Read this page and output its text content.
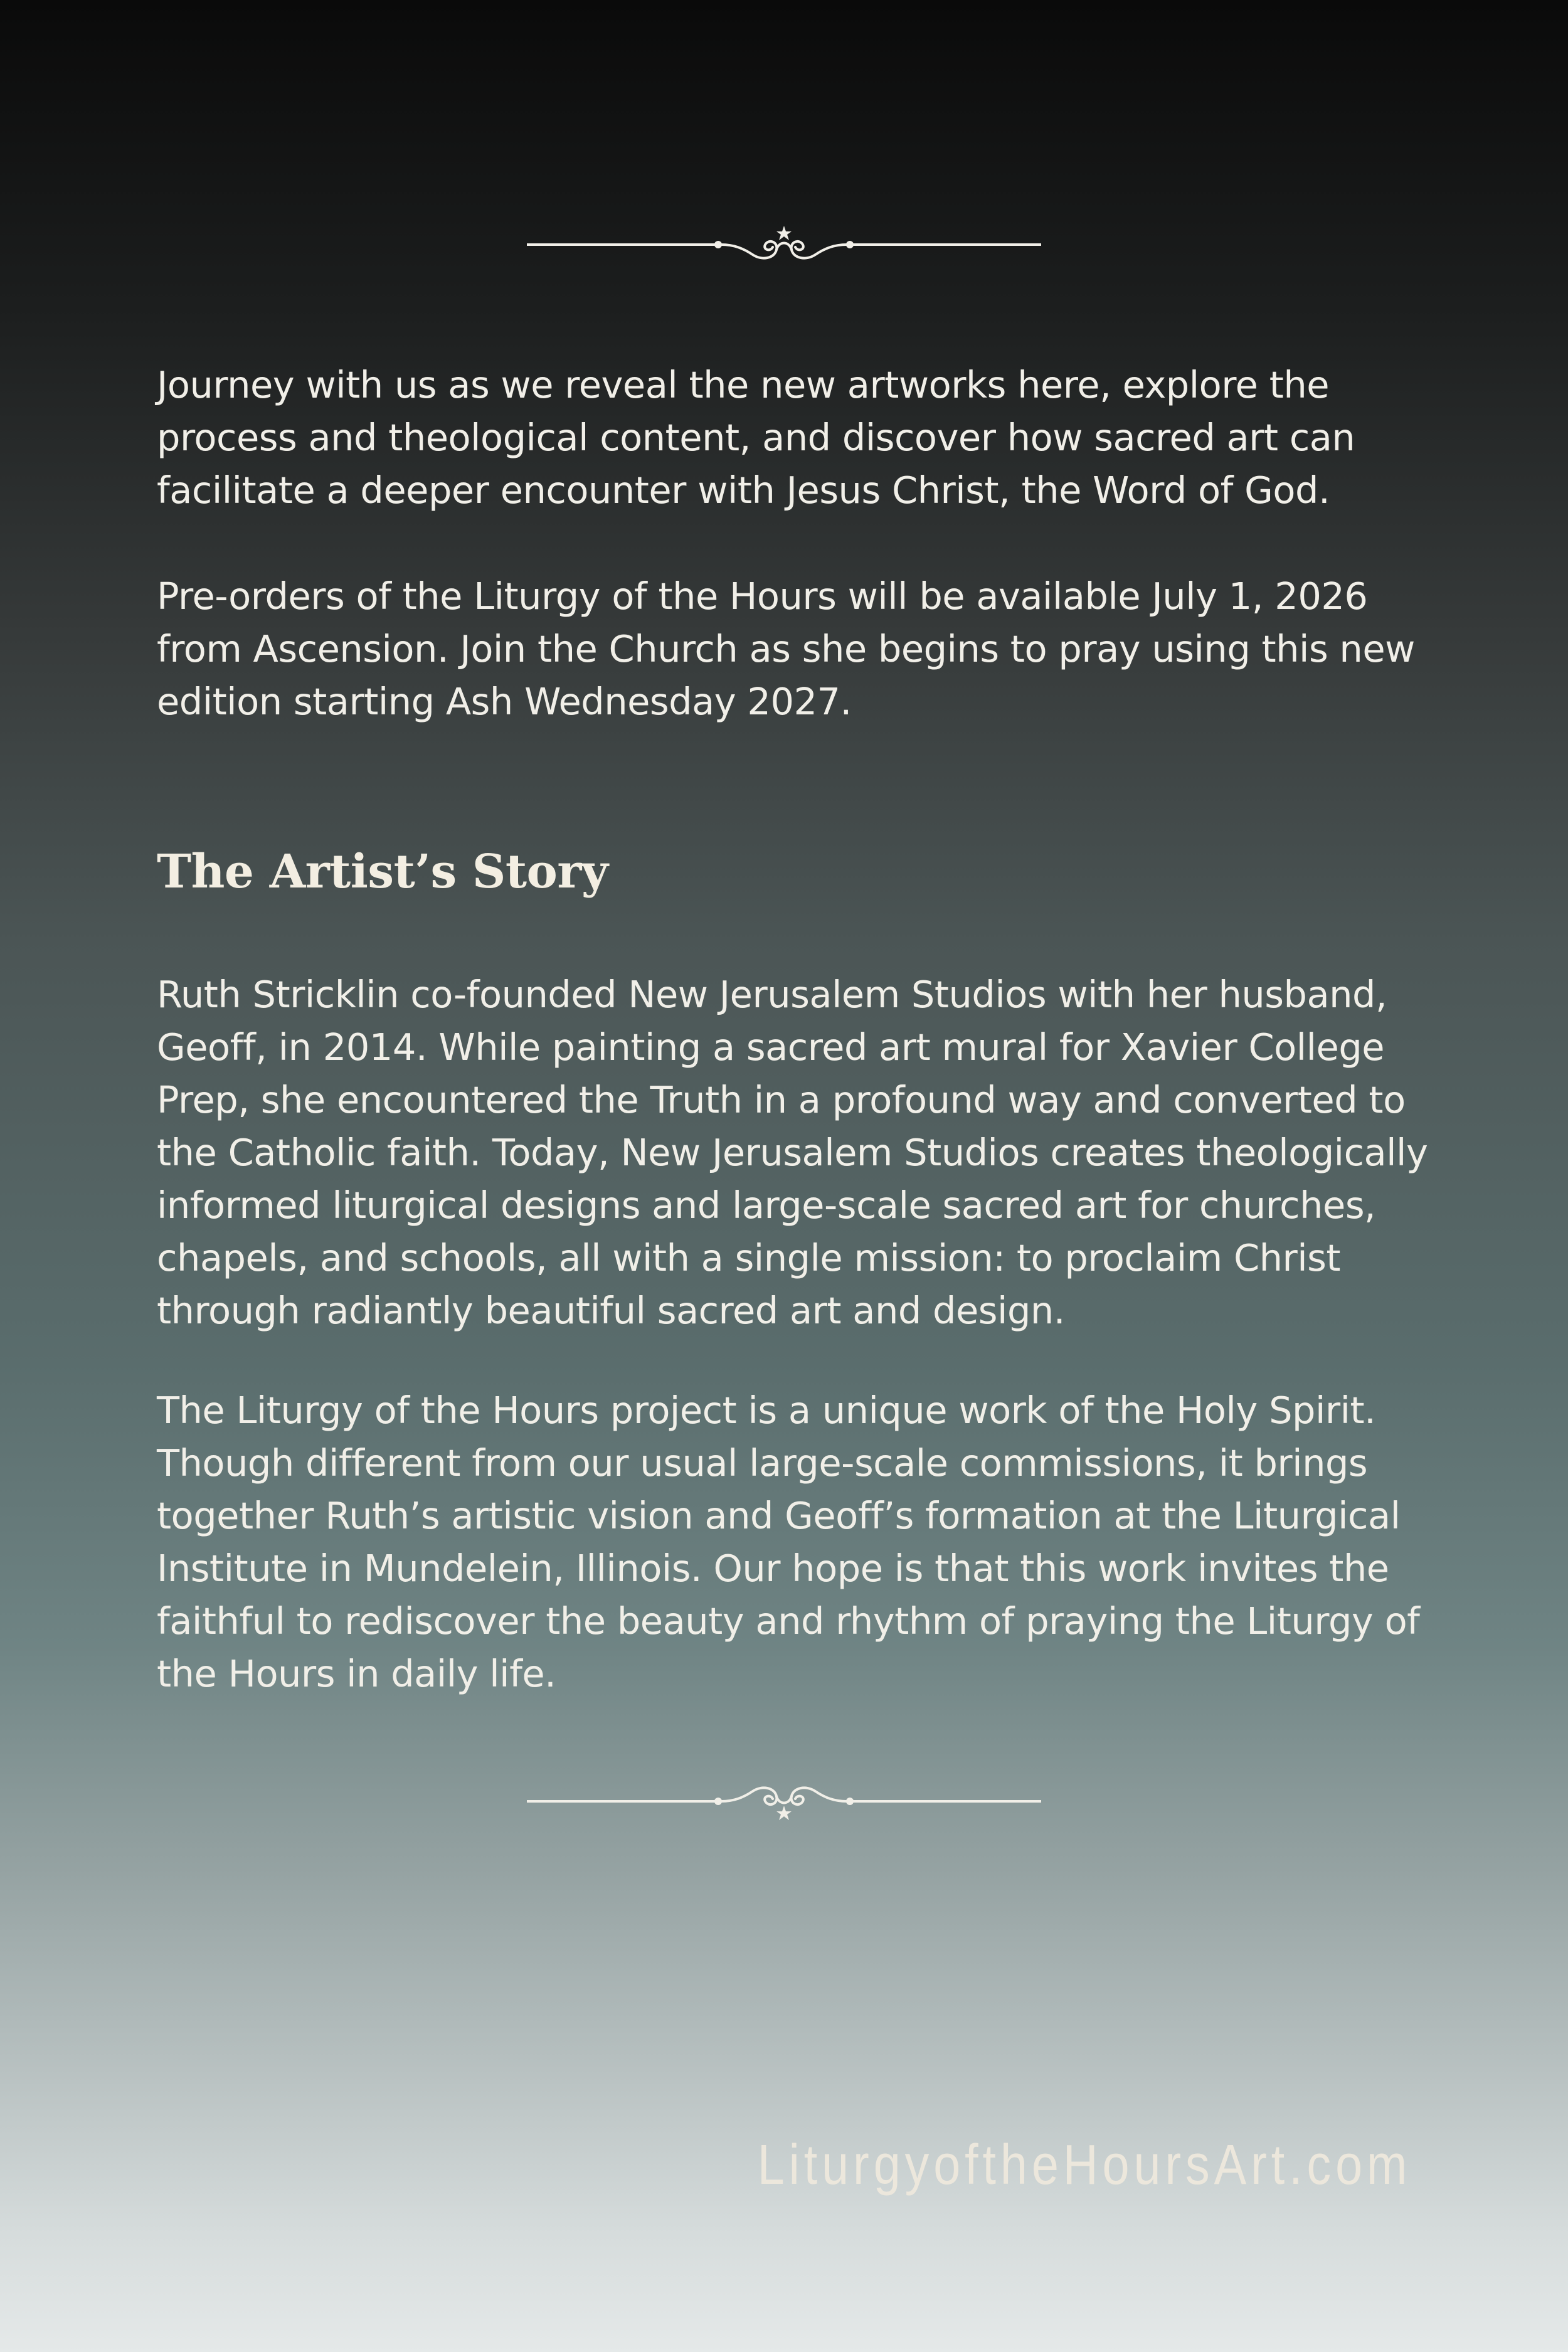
Journey with us as we reveal the new artworks here, explore the process and theological content, and discover how sacred art can facilitate a deeper encounter with Jesus Christ, the Word of God.

Pre-orders of the Liturgy of the Hours will be available July 1, 2026 from Ascension. Join the Church as she begins to pray using this new edition starting Ash Wednesday 2027.

The Artist’s Story

Ruth Stricklin co-founded New Jerusalem Studios with her husband, Geoff, in 2014. While painting a sacred art mural for Xavier College Prep, she encountered the Truth in a profound way and converted to the Catholic faith. Today, New Jerusalem Studios creates theologically informed liturgical designs and large-scale sacred art for churches, chapels, and schools, all with a single mission: to proclaim Christ through radiantly beautiful sacred art and design.

The Liturgy of the Hours project is a unique work of the Holy Spirit. Though different from our usual large-scale commissions, it brings together Ruth’s artistic vision and Geoff’s formation at the Liturgical Institute in Mundelein, Illinois. Our hope is that this work invites the faithful to rediscover the beauty and rhythm of praying the Liturgy of the Hours in daily life.

LiturgyoftheHoursArt.com
